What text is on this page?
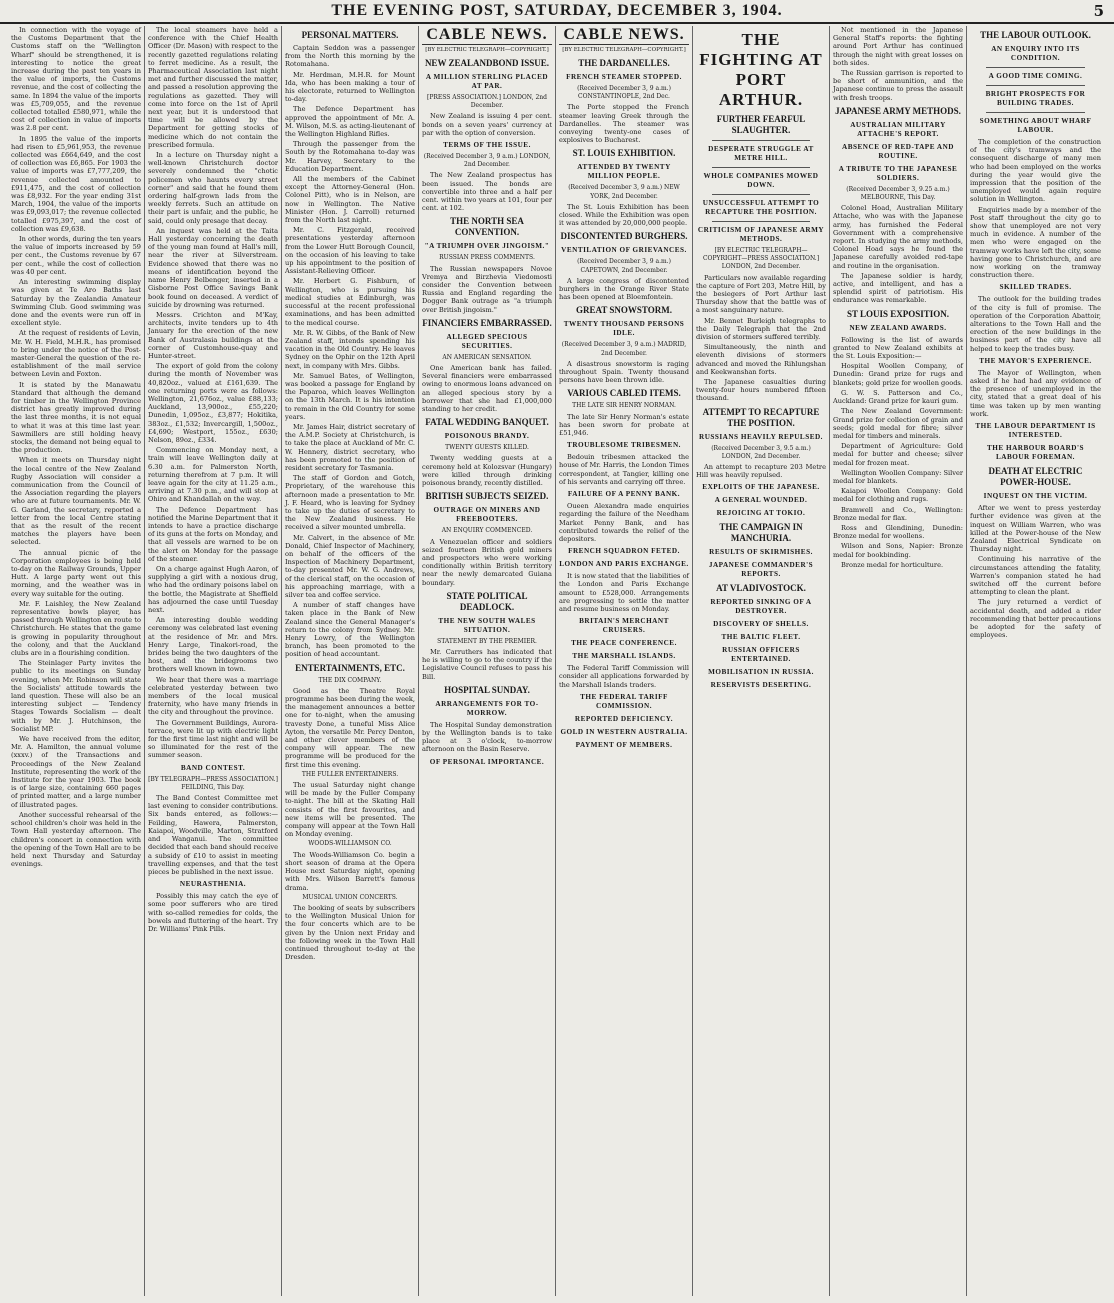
THE EVENING POST, SATURDAY, DECEMBER 3, 1904.	5

In connection with the voyage of the Customs Department that the Customs staff on the "Wellington Wharf" should be strengthened, it is interesting to notice the great increase during the past ten years in the value of imports, the Customs revenue, and the cost of collecting the same. In 1894 the value of the imports was £5,709,055, and the revenue collected totalled £580,971, while the cost of collection in value of imports was 2.8 per cent.

In 1895 the value of the imports had risen to £5,961,953, the revenue collected was £664,649, and the cost of collection was £6,865. For 1903 the value of imports was £7,777,209, the revenue collected amounted to £911,475, and the cost of collection was £8,932. For the year ending 31st March, 1904, the value of the imports was £9,093,017; the revenue collected totalled £975,397, and the cost of collection was £9,638.

In other words, during the ten years the value of imports increased by 59 per cent., the Customs revenue by 67 per cent., while the cost of collection was 40 per cent.

An interesting swimming display was given at Te Aro Baths last Saturday by the Zealandia Amateur Swimming Club. Good swimming was done and the events were run off in excellent style.

At the request of residents of Levin, Mr. W. H. Field, M.H.R., has promised to bring under the notice of the Post-master-General the question of the re-establishment of the mail service between Levin and Foxton.

It is stated by the Manawatu Standard that although the demand for timber in the Wellington Province district has greatly improved during the last three months, it is not equal to what it was at this time last year. Sawmillers are still holding heavy stocks, the demand not being equal to the production.

When it meets on Thursday night the local centre of the New Zealand Rugby Association will consider a communication from the Council of the Association regarding the players who are at future tournaments. Mr. W. G. Garland, the secretary, reported a letter from the local Centre stating that as the result of the recent matches the players have been selected.

The annual picnic of the Corporation employees is being held to-day on the Railway Grounds, Upper Hutt. A large party went out this morning, and the weather was in every way suitable for the outing.

Mr. F. Laishley, the New Zealand representative bowls player, has passed through Wellington en route to Christchurch. He states that the game is growing in popularity throughout the colony, and that the Auckland clubs are in a flourishing condition.

The Steinlager Party invites the public to its meetings on Sunday evening, when Mr. Robinson will state the Socialists' attitude towards the land question. These will also be an interesting subject — Tendency Stages Towards Socialism — dealt with by Mr. J. Hutchinson, the Socialist MP.

We have received from the editor, Mr. A. Hamilton, the annual volume (xxxv.) of the Transactions and Proceedings of the New Zealand Institute, representing the work of the Institute for the year 1903. The book is of large size, containing 660 pages of printed matter, and a large number of illustrated pages.

Another successful rehearsal of the school children's choir was held in the Town Hall yesterday afternoon. The children's concert in connection with the opening of the Town Hall are to be held next Thursday and Saturday evenings.

The local steamers have held a conference with the Chief Health Officer (Dr. Mason) with respect to the recently gazetted regulations relating to ferret medicine. As a result, the Pharmaceutical Association last night met and further discussed the matter, and passed a resolution approving the regulations as gazetted. They will come into force on the 1st of April next year, but it is understood that time will be allowed by the Department for getting stocks of medicine which do not contain the prescribed formula.

In a lecture on Thursday night a well-known Christchurch doctor severely condemned the "chotic policemen who haunts every street corner" and said that he found them ordering half-grown lads from the weekly ferrets. Such an attitude on their part is unfair, and the public, he said, could only presage that decay.

An inquest was held at the Taita Hall yesterday concerning the death of the young man found at Hall's mill, near the river at Silverstream. Evidence showed that there was no means of identification beyond the name Henry Belbenger, inserted in a Gisborne Post Office Savings Bank book found on deceased. A verdict of suicide by drowning was returned.

Messrs. Crichton and M'Kay, architects, invite tenders up to 4th January for the erection of the new Bank of Australasia buildings at the corner of Customhouse-quay and Hunter-street.

The export of gold from the colony during the month of November was 40,820oz., valued at £161,639. The one returning ports were as follows: Wellington, 21,676oz., value £88,133; Auckland, 13,900oz., £55,220; Dunedin, 1,095oz., £3,877; Hokitika, 383oz., £1,532; Invercargill, 1,500oz., £4,690; Westport, 155oz., £630; Nelson, 89oz., £334.

Commencing on Monday next, a train will leave Wellington daily at 6.30 a.m. for Palmerston North, returning therefrom at 7 p.m. It will leave again for the city at 11.25 a.m., arriving at 7.30 p.m., and will stop at Ohiro and Khandallah on the way.

The Defence Department has notified the Marine Department that it intends to have a practice discharge of its guns at the forts on Monday, and that all vessels are warned to be on the alert on Monday for the passage of the steamer.

On a charge against Hugh Aaron, of supplying a girl with a noxious drug, who had the ordinary poisons label on the bottle, the Magistrate at Sheffield has adjourned the case until Tuesday next.

An interesting double wedding ceremony was celebrated last evening at the residence of Mr. and Mrs. Henry Large, Tinakori-road, the brides being the two daughters of the host, and the bridegrooms two brothers well known in town.

We hear that there was a marriage celebrated yesterday between two members of the local musical fraternity, who have many friends in the city and throughout the province.

The Government Buildings, Aurora-terrace, were lit up with electric light for the first time last night and will be so illuminated for the rest of the summer season.

BAND CONTEST.

[BY TELEGRAPH—PRESS ASSOCIATION.] FEILDING, This Day.

The Band Contest Committee met last evening to consider contributions. Six bands entered, as follows:—Feilding, Hawera, Palmerston, Kaiapoi, Woodville, Marton, Stratford and Wanganui. The committee decided that each band should receive a subsidy of £10 to assist in meeting travelling expenses, and that the test pieces be published in the next issue.

NEURASTHENIA.

Possibly this may catch the eye of some poor sufferers who are tired with so-called remedies for colds, the bowels and fluttering of the heart. Try Dr. Williams' Pink Pills.

PERSONAL MATTERS.

Captain Seddon was a passenger from the North this morning by the Rotomahana.

Mr. Herdman, M.H.R. for Mount Ida, who has been making a tour of his electorate, returned to Wellington to-day.

The Defence Department has approved the appointment of Mr. A. M. Wilson, M.S. as acting-lieutenant of the Wellington Highland Rifles.

Through the passenger from the South by the Rotomahana to-day was Mr. Harvey, Secretary to the Education Department.

All the members of the Cabinet except the Attorney-General (Hon. Colonel Pitt), who is in Nelson, are now in Wellington. The Native Minister (Hon. J. Carroll) returned from the North last night.

Mr. C. Fitzgerald, received presentations yesterday afternoon from the Lower Hutt Borough Council, on the occasion of his leaving to take up his appointment to the position of Assistant-Relieving Officer.

Mr. Herbert G. Fishburn, of Wellington, who is pursuing his medical studies at Edinburgh, was successful at the recent professional examinations, and has been admitted to the medical course.

Mr. R. W. Gibbs, of the Bank of New Zealand staff, intends spending his vacation in the Old Country. He leaves Sydney on the Ophir on the 12th April next, in company with Mrs. Gibbs.

Mr. Samuel Bates, of Wellington, was booked a passage for England by the Paparoa, which leaves Wellington on the 13th March. It is his intention to remain in the Old Country for some years.

Mr. James Hair, district secretary of the A.M.P. Society at Christchurch, is to take the place at Auckland of Mr. C. W. Hennery, district secretary, who has been promoted to the position of resident secretary for Tasmania.

The staff of Gordon and Gotch, Proprietary, of the warehouse this afternoon made a presentation to Mr. J. F. Heard, who is leaving for Sydney to take up the duties of secretary to the New Zealand business. He received a silver mounted umbrella.

Mr. Calvert, in the absence of Mr. Donald, Chief Inspector of Machinery, on behalf of the officers of the Inspection of Machinery Department, to-day presented Mr. W. G. Andrews, of the clerical staff, on the occasion of his approaching marriage, with a silver tea and coffee service.

A number of staff changes have taken place in the Bank of New Zealand since the General Manager's return to the colony from Sydney. Mr. Henry Lowry, of the Wellington branch, has been promoted to the position of head accountant.

ENTERTAINMENTS, ETC.

THE DIX COMPANY.

Good as the Theatre Royal programme has been during the week, the management announces a better one for to-night, when the amusing travesty Done, a tuneful Miss Alice Ayton, the versatile Mr. Percy Denton, and other clever members of the company will appear. The new programme will be produced for the first time this evening.

THE FULLER ENTERTAINERS.

The usual Saturday night change will be made by the Fuller Company to-night. The bill at the Skating Hall consists of the first favourites, and new items will be presented. The company will appear at the Town Hall on Monday evening.

WOODS-WILLIAMSON CO.

The Woods-Williamson Co. begin a short season of drama at the Opera House next Saturday night, opening with Mrs. Wilson Barrett's famous drama.

MUSICAL UNION CONCERTS.

The booking of seats by subscribers to the Wellington Musical Union for the four concerts which are to be given by the Union next Friday and the following week in the Town Hall continued throughout to-day at the Dresden.

CABLE NEWS.
[BY ELECTRIC TELEGRAPH—COPYRIGHT.]
NEW ZEALANDBOND ISSUE.
A MILLION STERLING PLACED AT PAR.

[PRESS ASSOCIATION.] LONDON, 2nd December.

New Zealand is issuing 4 per cent. bonds on a seven years' currency at par with the option of conversion.

TERMS OF THE ISSUE.

(Received December 3, 9 a.m.) LONDON, 2nd December.

The New Zealand prospectus has been issued. The bonds are convertible into three and a half per cent. within two years at 101, four per cent. at 102.

THE NORTH SEA CONVENTION.
"A TRIUMPH OVER JINGOISM."

RUSSIAN PRESS COMMENTS.

The Russian newspapers Novoe Vremya and Birzhevia Viedomosti consider the Convention between Russia and England regarding the Dogger Bank outrage as "a triumph over British jingoism."

FINANCIERS EMBARRASSED.
ALLEGED SPECIOUS SECURITIES.

AN AMERICAN SENSATION.

One American bank has failed. Several financiers were embarrassed owing to enormous loans advanced on an alleged specious story by a borrower that she had £1,000,000 standing to her credit.

FATAL WEDDING BANQUET.
POISONOUS BRANDY.

TWENTY GUESTS KILLED.

Twenty wedding guests at a ceremony held at Kolozsvar (Hungary) were killed through drinking poisonous brandy, recently distilled.

BRITISH SUBJECTS SEIZED.
OUTRAGE ON MINERS AND FREEBOOTERS.

AN ENQUIRY COMMENCED.

A Venezuelan officer and soldiers seized fourteen British gold miners and prospectors who were working conditionally within British territory near the newly demarcated Guiana boundary.

STATE POLITICAL DEADLOCK.
THE NEW SOUTH WALES SITUATION.

STATEMENT BY THE PREMIER.

Mr. Carruthers has indicated that he is willing to go to the country if the Legislative Council refuses to pass his Bill.

HOSPITAL SUNDAY.
ARRANGEMENTS FOR TO-MORROW.

The Hospital Sunday demonstration by the Wellington bands is to take place at 3 o'clock, to-morrow afternoon on the Basin Reserve.

OF PERSONAL IMPORTANCE.
CABLE NEWS.
[BY ELECTRIC TELEGRAPH—COPYRIGHT.]
THE DARDANELLES.
FRENCH STEAMER STOPPED.

(Received December 3, 9 a.m.) CONSTANTINOPLE, 2nd Dec.

The Porte stopped the French steamer leaving Greek through the Dardanelles. The steamer was conveying twenty-one cases of explosives to Bucharest.

ST. LOUIS EXHIBITION.
ATTENDED BY TWENTY MILLION PEOPLE.

(Received December 3, 9 a.m.) NEW YORK, 2nd December.

The St. Louis Exhibition has been closed. While the Exhibition was open it was attended by 20,000,000 people.

DISCONTENTED BURGHERS.
VENTILATION OF GRIEVANCES.

(Received December 3, 9 a.m.) CAPETOWN, 2nd December.

A large congress of discontented burghers in the Orange River State has been opened at Bloemfontein.

GREAT SNOWSTORM.
TWENTY THOUSAND PERSONS IDLE.

(Received December 3, 9 a.m.) MADRID, 2nd December.

A disastrous snowstorm is raging throughout Spain. Twenty thousand persons have been thrown idle.

VARIOUS CABLED ITEMS.

THE LATE SIR HENRY NORMAN.

The late Sir Henry Norman's estate has been sworn for probate at £51,946.

TROUBLESOME TRIBESMEN.

Bedouin tribesmen attacked the house of Mr. Harris, the London Times correspondent, at Tangier, killing one of his servants and carrying off three.

FAILURE OF A PENNY BANK.

Oueen Alexandra made enquiries regarding the failure of the Needham Market Penny Bank, and has contributed towards the relief of the depositors.

FRENCH SQUADRON FETED.
LONDON AND PARIS EXCHANGE.

It is now stated that the liabilities of the London and Paris Exchange amount to £528,000. Arrangements are progressing to settle the matter and resume business on Monday.

BRITAIN'S MERCHANT CRUISERS.
THE PEACE CONFERENCE.
THE MARSHALL ISLANDS.

The Federal Tariff Commission will consider all applications forwarded by the Marshall Islands traders.

THE FEDERAL TARIFF COMMISSION.
REPORTED DEFICIENCY.
GOLD IN WESTERN AUSTRALIA.
PAYMENT OF MEMBERS.
THE FIGHTING AT PORT ARTHUR.
FURTHER FEARFUL SLAUGHTER.
DESPERATE STRUGGLE AT METRE HILL.
WHOLE COMPANIES MOWED DOWN.
UNSUCCESSFUL ATTEMPT TO RECAPTURE THE POSITION.
CRITICISM OF JAPANESE ARMY METHODS.

[BY ELECTRIC TELEGRAPH—COPYRIGHT—PRESS ASSOCIATION.] LONDON, 2nd December.

Particulars now available regarding the capture of Fort 203, Metre Hill, by the besiegers of Port Arthur last Thursday show that the battle was of a most sanguinary nature.

Mr. Bennet Burleigh telegraphs to the Daily Telegraph that the 2nd division of stormers suffered terribly.

Simultaneously, the ninth and eleventh divisions of stormers advanced and moved the Rihlungshan and Keekwanshan forts.

The Japanese casualties during twenty-four hours numbered fifteen thousand.

ATTEMPT TO RECAPTURE THE POSITION.
RUSSIANS HEAVILY REPULSED.

(Received December 3, 9.5 a.m.) LONDON, 2nd December.

An attempt to recapture 203 Metre Hill was heavily repulsed.

EXPLOITS OF THE JAPANESE.
A GENERAL WOUNDED.
REJOICING AT TOKIO.
THE CAMPAIGN IN MANCHURIA.
RESULTS OF SKIRMISHES.
JAPANESE COMMANDER'S REPORTS.
AT VLADIVOSTOCK.
REPORTED SINKING OF A DESTROYER.
DISCOVERY OF SHELLS.
THE BALTIC FLEET.
RUSSIAN OFFICERS ENTERTAINED.
MOBILISATION IN RUSSIA.
RESERVISTS DESERTING.

Not mentioned in the Japanese General Staff's reports: the fighting around Port Arthur has continued through the night with great losses on both sides.

The Russian garrison is reported to be short of ammunition, and the Japanese continue to press the assault with fresh troops.

JAPANESE ARMY METHODS.
AUSTRALIAN MILITARY ATTACHE'S REPORT.
ABSENCE OF RED-TAPE AND ROUTINE.
A TRIBUTE TO THE JAPANESE SOLDIERS.

(Received December 3, 9.25 a.m.) MELBOURNE, This Day.

Colonel Hoad, Australian Military Attache, who was with the Japanese army, has furnished the Federal Government with a comprehensive report. In studying the army methods, Colonel Hoad says he found the Japanese carefully avoided red-tape and routine in the organisation.

The Japanese soldier is hardy, active, and intelligent, and has a splendid spirit of patriotism. His endurance was remarkable.

ST LOUIS EXPOSITION.
NEW ZEALAND AWARDS.

Following is the list of awards granted to New Zealand exhibits at the St. Louis Exposition:—

Hospital Woollen Company, of Dunedin: Grand prize for rugs and blankets; gold prize for woollen goods.

G. W. S. Patterson and Co., Auckland: Grand prize for kauri gum.

The New Zealand Government: Grand prize for collection of grain and seeds; gold medal for fibre; silver medal for timbers and minerals.

Department of Agriculture: Gold medal for butter and cheese; silver medal for frozen meat.

Wellington Woollen Company: Silver medal for blankets.

Kaiapoi Woollen Company: Gold medal for clothing and rugs.

Bramwell and Co., Wellington: Bronze medal for flax.

Ross and Glendining, Dunedin: Bronze medal for woollens.

Wilson and Sons, Napier: Bronze medal for bookbinding.

Bronze medal for horticulture.

THE LABOUR OUTLOOK.
AN ENQUIRY INTO ITS CONDITION.
A GOOD TIME COMING.
BRIGHT PROSPECTS FOR BUILDING TRADES.
SOMETHING ABOUT WHARF LABOUR.

The completion of the construction of the city's tramways and the consequent discharge of many men who had been employed on the works during the year would give the impression that the position of the unemployed would again require solution in Wellington.

Enquiries made by a member of the Post staff throughout the city go to show that unemployed are not very much in evidence. A number of the men who were engaged on the tramway works have left the city, some having gone to Christchurch, and are now working on the tramway construction there.

SKILLED TRADES.

The outlook for the building trades of the city is full of promise. The operation of the Corporation Abattoir, alterations to the Town Hall and the erection of the new buildings in the business part of the city have all helped to keep the trades busy.

THE MAYOR'S EXPERIENCE.

The Mayor of Wellington, when asked if he had had any evidence of the presence of unemployed in the city, stated that a great deal of his time was taken up by men wanting work.

THE LABOUR DEPARTMENT IS INTERESTED.
THE HARBOUR BOARD'S LABOUR FOREMAN.
DEATH AT ELECTRIC POWER-HOUSE.
INQUEST ON THE VICTIM.

After we went to press yesterday further evidence was given at the inquest on William Warren, who was killed at the Power-house of the New Zealand Electrical Syndicate on Thursday night.

Continuing his narrative of the circumstances attending the fatality, Warren's companion stated he had switched off the current before attempting to clean the plant.

The jury returned a verdict of accidental death, and added a rider recommending that better precautions be adopted for the safety of employees.
